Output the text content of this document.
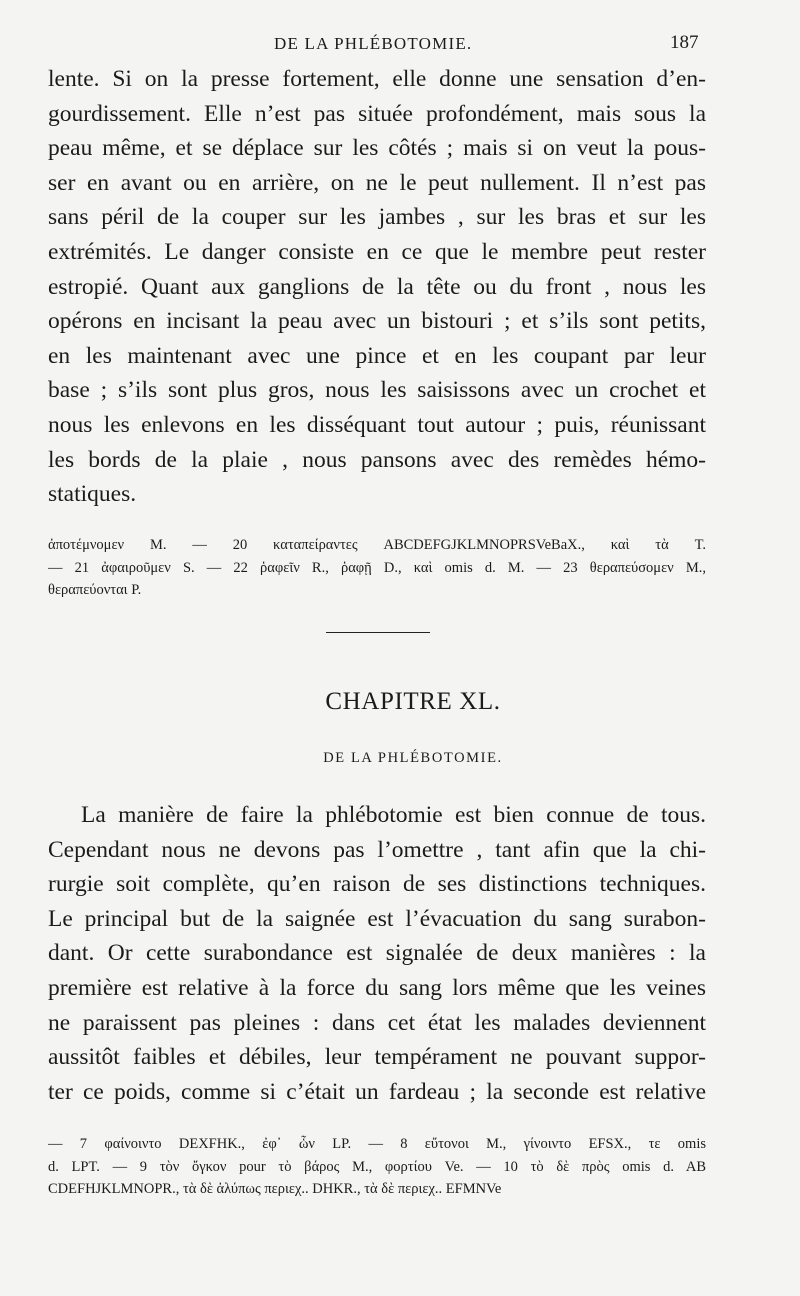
DE LA PHLÉBOTOMIE.	187
lente. Si on la presse fortement, elle donne une sensation d’en-
gourdissement. Elle n’est pas située profondément, mais sous la
peau même, et se déplace sur les côtés ; mais si on veut la pous-
ser en avant ou en arrière, on ne le peut nullement. Il n’est pas
sans péril de la couper sur les jambes , sur les bras et sur les
extrémités. Le danger consiste en ce que le membre peut rester
estropié. Quant aux ganglions de la tête ou du front , nous les
opérons en incisant la peau avec un bistouri ; et s’ils sont petits,
en les maintenant avec une pince et en les coupant par leur
base ; s’ils sont plus gros, nous les saisissons avec un crochet et
nous les enlevons en les disséquant tout autour ; puis, réunissant
les bords de la plaie , nous pansons avec des remèdes hémo-
statiques.
ἀποτέμνομεν M. — 20 καταπείραντες ABCDEFGJKLMNOPRSVeBaX., καὶ τὰ T.
— 21 ἀφαιροῦμεν S. — 22 ῥαφεῖν R., ῥαφῇ D., καὶ omis d. M. — 23 θεραπεύσομεν M.,
θεραπεύονται P.
CHAPITRE XL.
DE LA PHLÉBOTOMIE.
La manière de faire la phlébotomie est bien connue de tous.
Cependant nous ne devons pas l’omettre , tant afin que la chi-
rurgie soit complète, qu’en raison de ses distinctions techniques.
Le principal but de la saignée est l’évacuation du sang surabon-
dant. Or cette surabondance est signalée de deux manières : la
première est relative à la force du sang lors même que les veines
ne paraissent pas pleines : dans cet état les malades deviennent
aussitôt faibles et débiles, leur tempérament ne pouvant suppor-
ter ce poids, comme si c’était un fardeau ; la seconde est relative
— 7 φαίνοιντο DEXFHK., ἐφ᾽ ὧν LP. — 8 εὔτονοι M., γίνοιντο EFSX., τε omis
d. LPT. — 9 τὸν ὄγκον pour τὸ βάρος M., φορτίου Ve. — 10 τὸ δὲ πρὸς omis d. AB
CDEFHJKLMNOPR., τὰ δὲ ἀλύπως περιεχ.. DHKR., τὰ δὲ περιεχ.. EFMNVe
